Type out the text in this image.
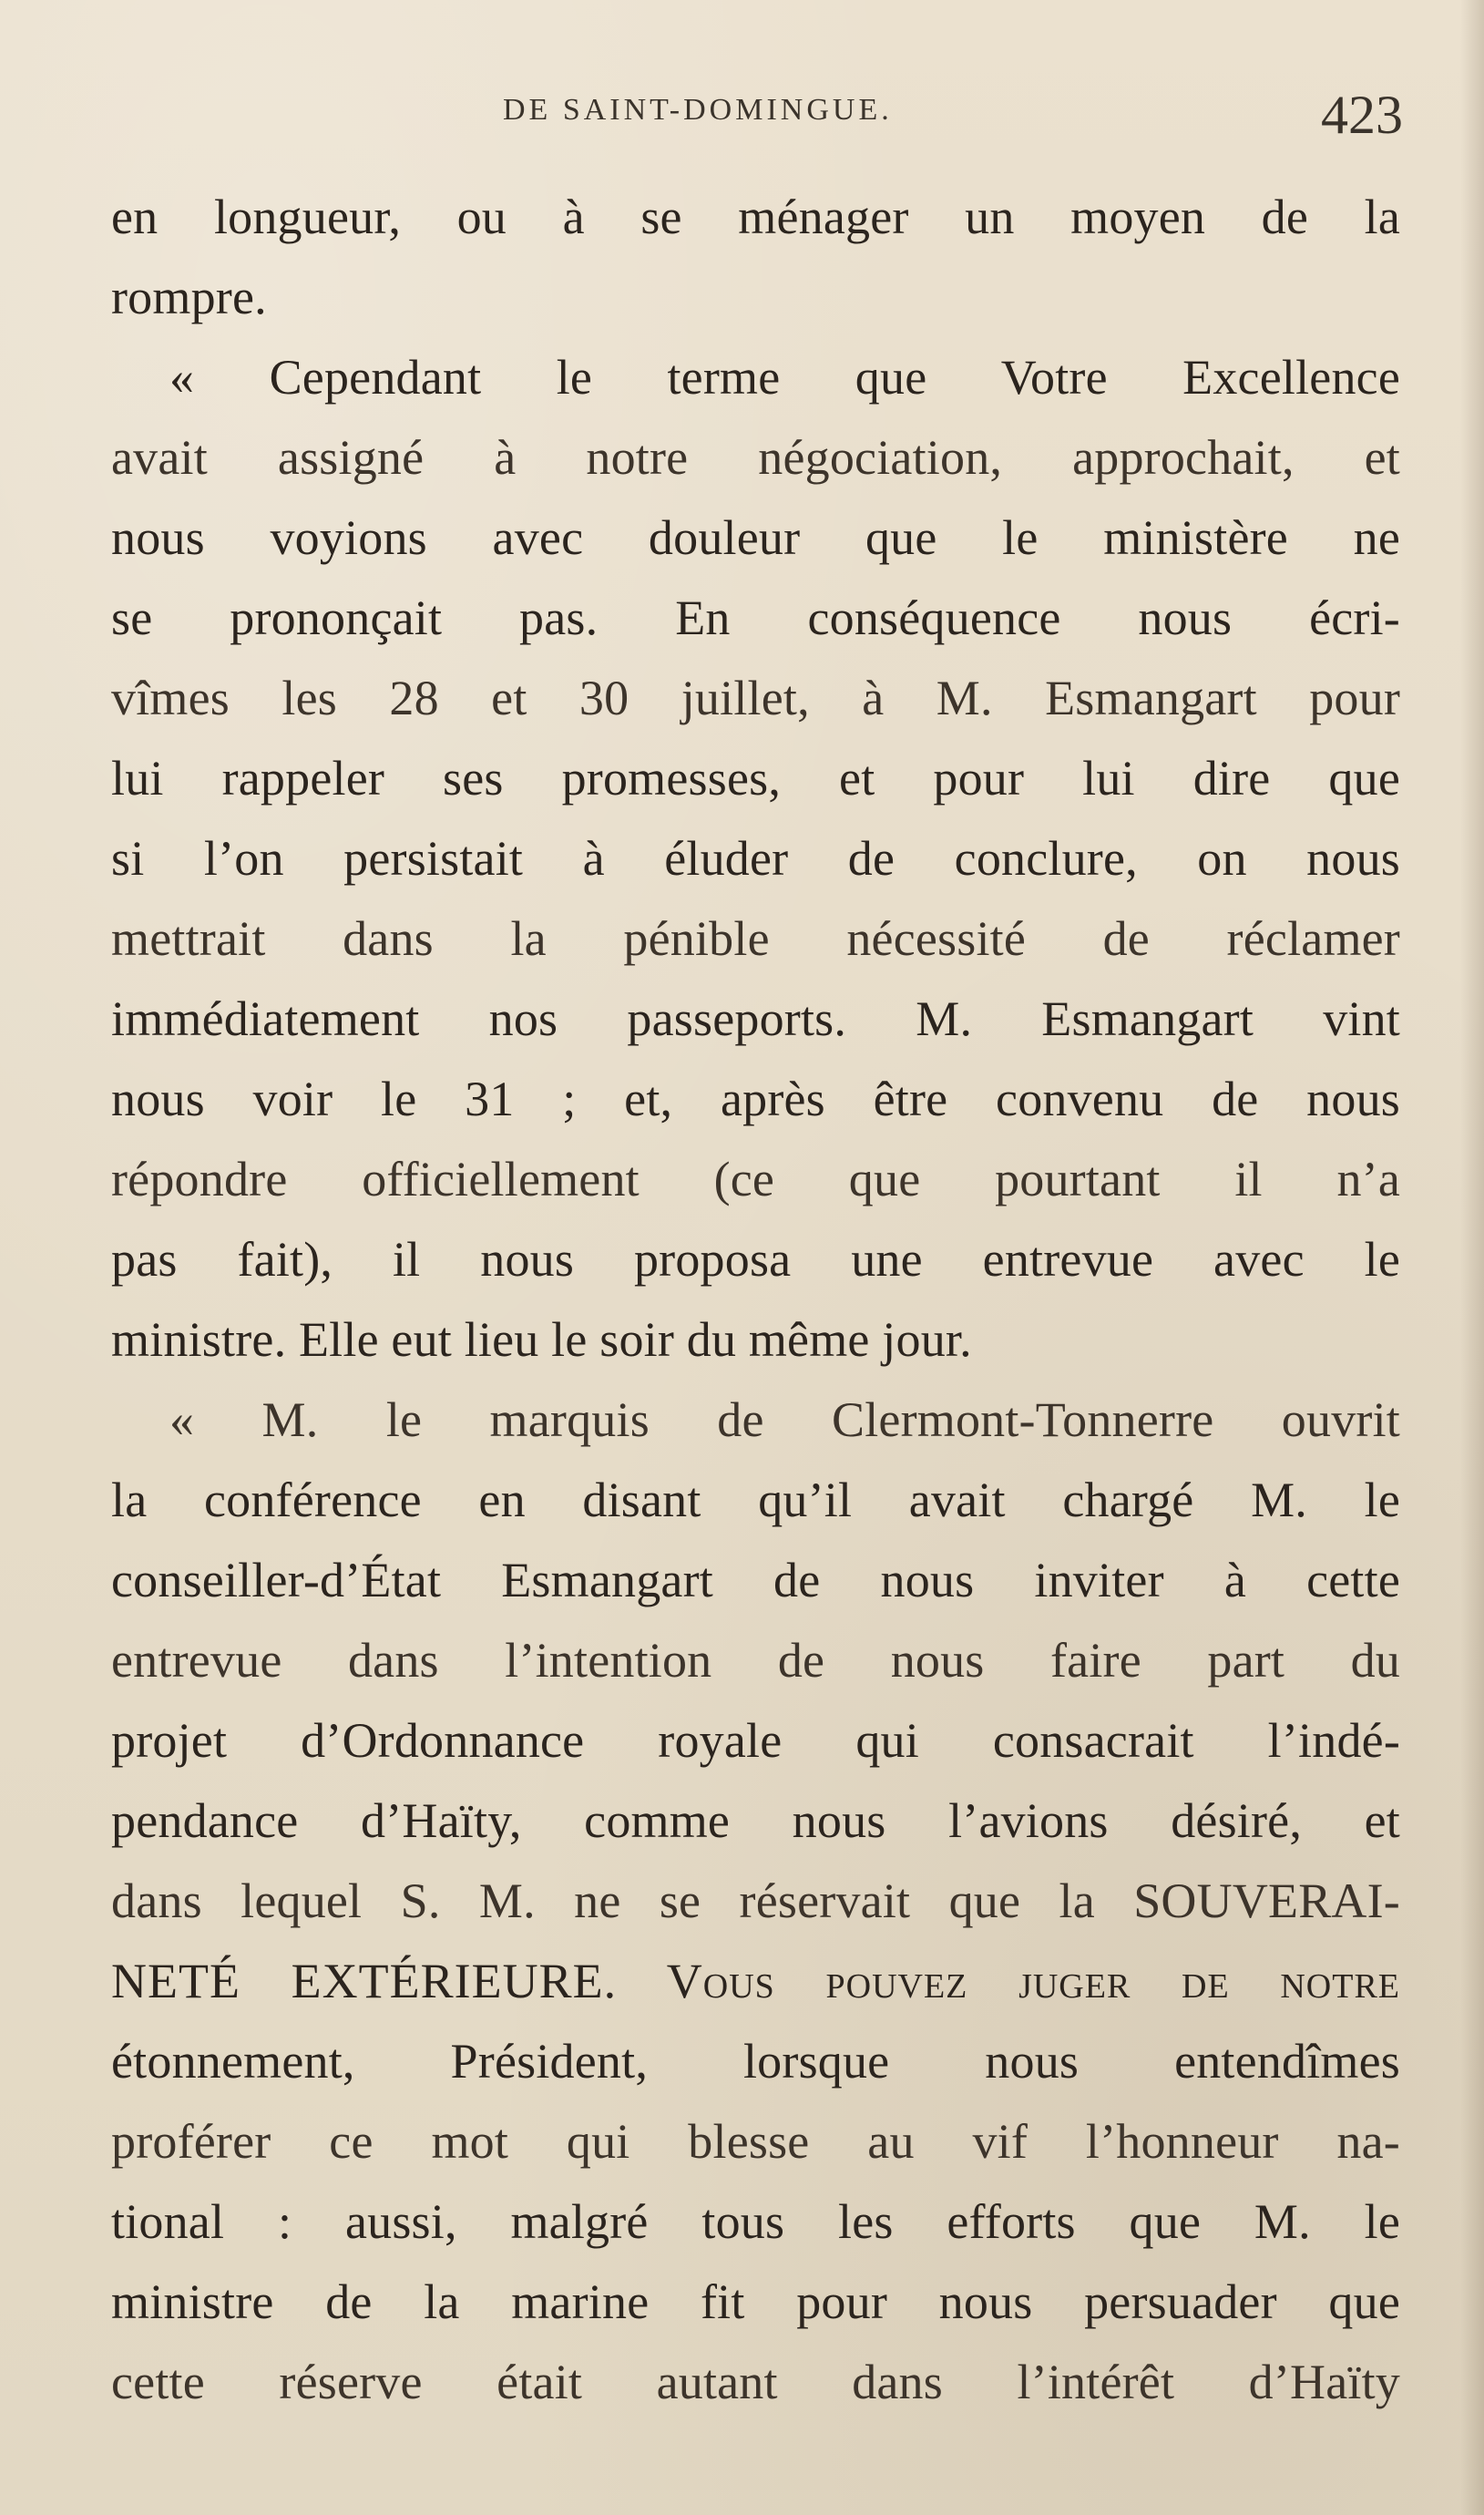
DE SAINT-DOMINGUE.	423
en longueur, ou à se ménager un moyen de la
rompre.
« Cependant le terme que Votre Excellence
avait assigné à notre négociation, approchait, et
nous voyions avec douleur que le ministère ne
se prononçait pas. En conséquence nous écri-
vîmes les 28 et 30 juillet, à M. Esmangart pour
lui rappeler ses promesses, et pour lui dire que
si l’on persistait à éluder de conclure, on nous
mettrait dans la pénible nécessité de réclamer
immédiatement nos passeports. M. Esmangart vint
nous voir le 31 ; et, après être convenu de nous
répondre officiellement (ce que pourtant il n’a
pas fait), il nous proposa une entrevue avec le
ministre. Elle eut lieu le soir du même jour.
« M. le marquis de Clermont-Tonnerre ouvrit
la conférence en disant qu’il avait chargé M. le
conseiller-d’État Esmangart de nous inviter à cette
entrevue dans l’intention de nous faire part du
projet d’Ordonnance royale qui consacrait l’indé-
pendance d’Haïty, comme nous l’avions désiré, et
dans lequel S. M. ne se réservait que la SOUVERAI-
NETÉ EXTÉRIEURE. Vous pouvez juger de notre
étonnement, Président, lorsque nous entendîmes
proférer ce mot qui blesse au vif l’honneur na-
tional : aussi, malgré tous les efforts que M. le
ministre de la marine fit pour nous persuader que
cette réserve était autant dans l’intérêt d’Haïty
